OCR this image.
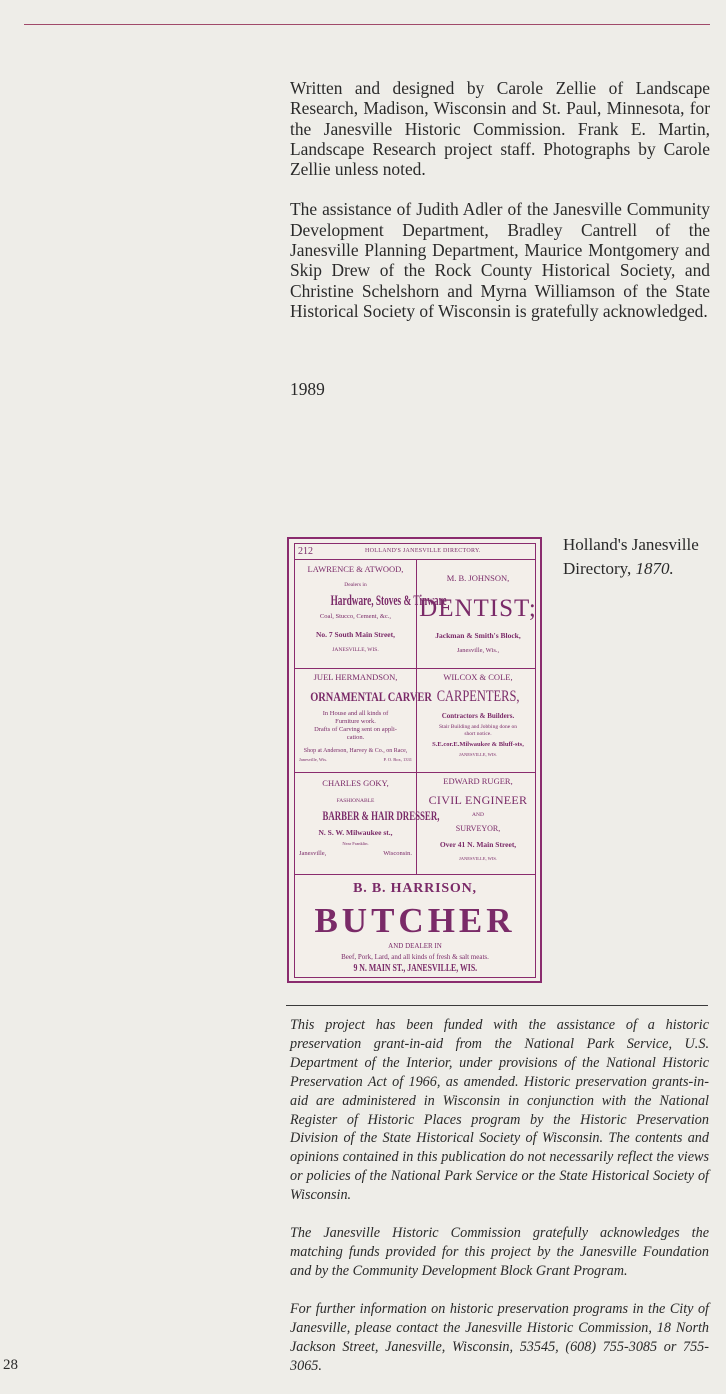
Written and designed by Carole Zellie of Landscape Research, Madison, Wisconsin and St. Paul, Minnesota, for the Janesville Historic Commission. Frank E. Martin, Landscape Research project staff. Photographs by Carole Zellie unless noted.

The assistance of Judith Adler of the Janesville Community Development Department, Bradley Cantrell of the Janesville Planning Department, Maurice Montgomery and Skip Drew of the Rock County Historical Society, and Christine Schelshorn and Myrna Williamson of the State Historical Society of Wisconsin is gratefully acknowledged.

1989
212	HOLLAND'S JANESVILLE DIRECTORY.
LAWRENCE & ATWOOD,
Dealers in
Hardware, Stoves & Tinware
Coal, Stucco, Cement, &c.,
No. 7 South Main Street,
JANESVILLE, WIS.
M. B. JOHNSON,
DENTIST;
Jackman & Smith's Block,
Janesville, Wis.,
JUEL HERMANDSON,
ORNAMENTAL CARVER
In House and all kinds of
Furniture work.
Drafts of Carving sent on appli-
cation.
Shop at Anderson, Harvey & Co., on Race,
Janesville, Wis.	P. O. Box, 1331
WILCOX & COLE,
CARPENTERS,
Contractors & Builders.
Stair Building and Jobbing done on
short notice.
S.E.cor.E.Milwaukee & Bluff-sts,
JANESVILLE, WIS.
CHARLES GOKY,
FASHIONABLE
BARBER & HAIR DRESSER,
N. S. W. Milwaukee st.,
Near Franklin.
Janesville,	Wisconsin.
EDWARD RUGER,
CIVIL ENGINEER
AND
SURVEYOR,
Over 41 N. Main Street,
JANESVILLE, WIS.
B. B. HARRISON,
BUTCHER
AND DEALER IN
Beef, Pork, Lard, and all kinds of fresh & salt meats.
9 N. MAIN ST., JANESVILLE, WIS.
Holland's Janesville Directory, 1870.

This project has been funded with the assistance of a historic preservation grant-in-aid from the National Park Service, U.S. Department of the Interior, under provisions of the National Historic Preservation Act of 1966, as amended. Historic preservation grants-in-aid are administered in Wisconsin in conjunction with the National Register of Historic Places program by the Historic Preservation Division of the State Historical Society of Wisconsin. The contents and opinions contained in this publication do not necessarily reflect the views or policies of the National Park Service or the State Historical Society of Wisconsin.

The Janesville Historic Commission gratefully acknowledges the matching funds provided for this project by the Janesville Foundation and by the Community Development Block Grant Program.

For further information on historic preservation programs in the City of Janesville, please contact the Janesville Historic Commission, 18 North Jackson Street, Janesville, Wisconsin, 53545, (608) 755-3085 or 755-3065.

28
